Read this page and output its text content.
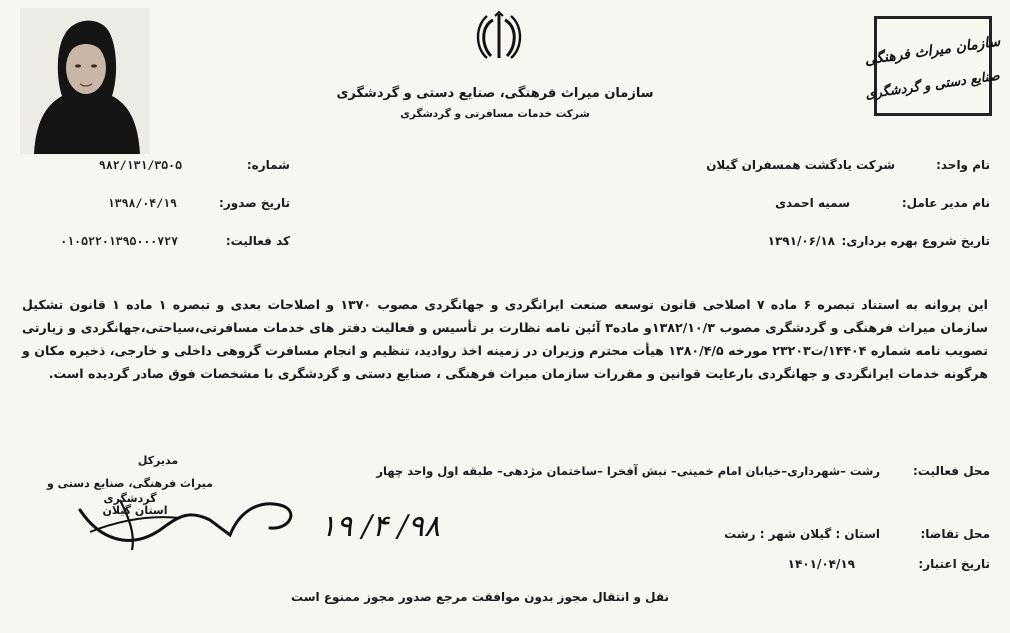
سازمان میراث فرهنگی، صنایع دستی و گردشگری
شرکت خدمات مسافرتی و گردشگری
سازمان میراث فرهنگی
صنایع دستی و گردشگری
نام واحد:
شرکت یادگشت همسفران گیلان
نام مدیر عامل:
سمیه احمدی
تاریخ شروع بهره برداری:
۱۳۹۱/۰۶/۱۸
شماره:
۹۸۲/۱۳۱/۳۵۰۵
تاریخ صدور:
۱۳۹۸/۰۴/۱۹
کد فعالیت:
۰۱۰۵۲۲۰۱۳۹۵۰۰۰۷۲۷
این پروانه به استناد تبصره ۶ ماده ۷ اصلاحی قانون توسعه صنعت ایرانگردی و جهانگردی مصوب ۱۳۷۰ و اصلاحات بعدی و تبصره ۱ ماده ۱ قانون تشکیل سازمان میراث فرهنگی و گردشگری مصوب ۱۳۸۲/۱۰/۳و ماده۳ آئین نامه نظارت بر تأسیس و فعالیت دفتر های خدمات مسافرتی،سیاحتی،جهانگردی و زیارتی تصویب نامه شماره ۱۴۴۰۴/ت۲۳۲۰۳ مورخه ۱۳۸۰/۴/۵ هیأت محترم وزیران در زمینه اخذ روادید، تنظیم و انجام مسافرت گروهی داخلی و خارجی، ذخیره مکان و هرگونه خدمات ایرانگردی و جهانگردی بارعایت قوانین و مقررات سازمان میراث فرهنگی ، صنایع دستی و گردشگری با مشخصات فوق صادر گردیده است.
محل فعالیت:
رشت –شهرداری–خیابان امام خمینی– نبش آفخرا –ساختمان مژدهی– طبقه اول واحد چهار
محل تقاضا:
استان : گیلان شهر : رشت
تاریخ اعتبار:
۱۴۰۱/۰۴/۱۹
مدیرکل
میراث فرهنگی، صنایع دستی و گردشگری
استان گیلان	۹۸/ ۴/ ۱۹
نقل و انتقال مجوز بدون موافقت مرجع صدور مجوز ممنوع است
